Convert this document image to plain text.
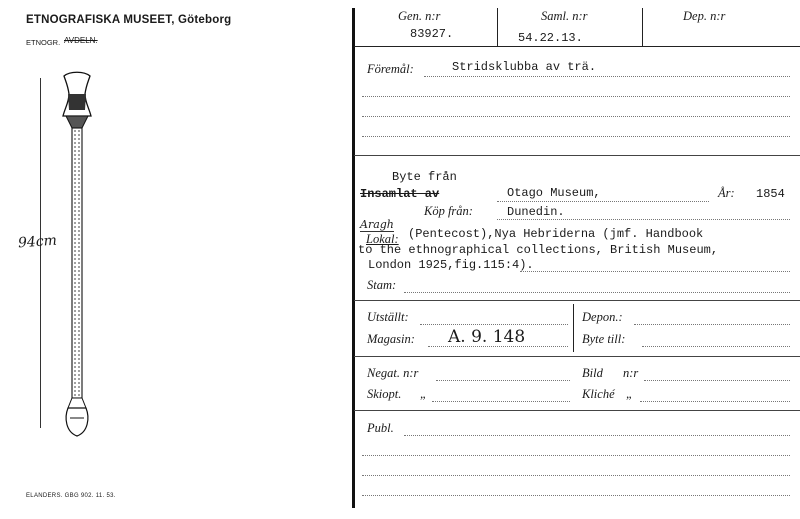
ETNOGRAFISKA MUSEET, Göteborg
ETNOGR. AVDELN.
94cm
ELANDERS. GBG 902. 11. 53.
Gen. n:r
83927.
Saml. n:r
54.22.13.
Dep. n:r
Föremål:	Stridsklubba av trä.
Byte från
Insamlat av	Otago Museum,	År: 1854
Köp från:	Dunedin.
Aragh
Lokal: (Pentecost),Nya Hebriderna (jmf. Handbook
to the ethnographical collections, British Museum,
London 1925,fig.115:4).
Stam:
Utställt:	Depon.:
Magasin: A. 9. 148	Byte till:
Negat. n:r	Bild n:r
Skiopt. „	Kliché „
Publ.
